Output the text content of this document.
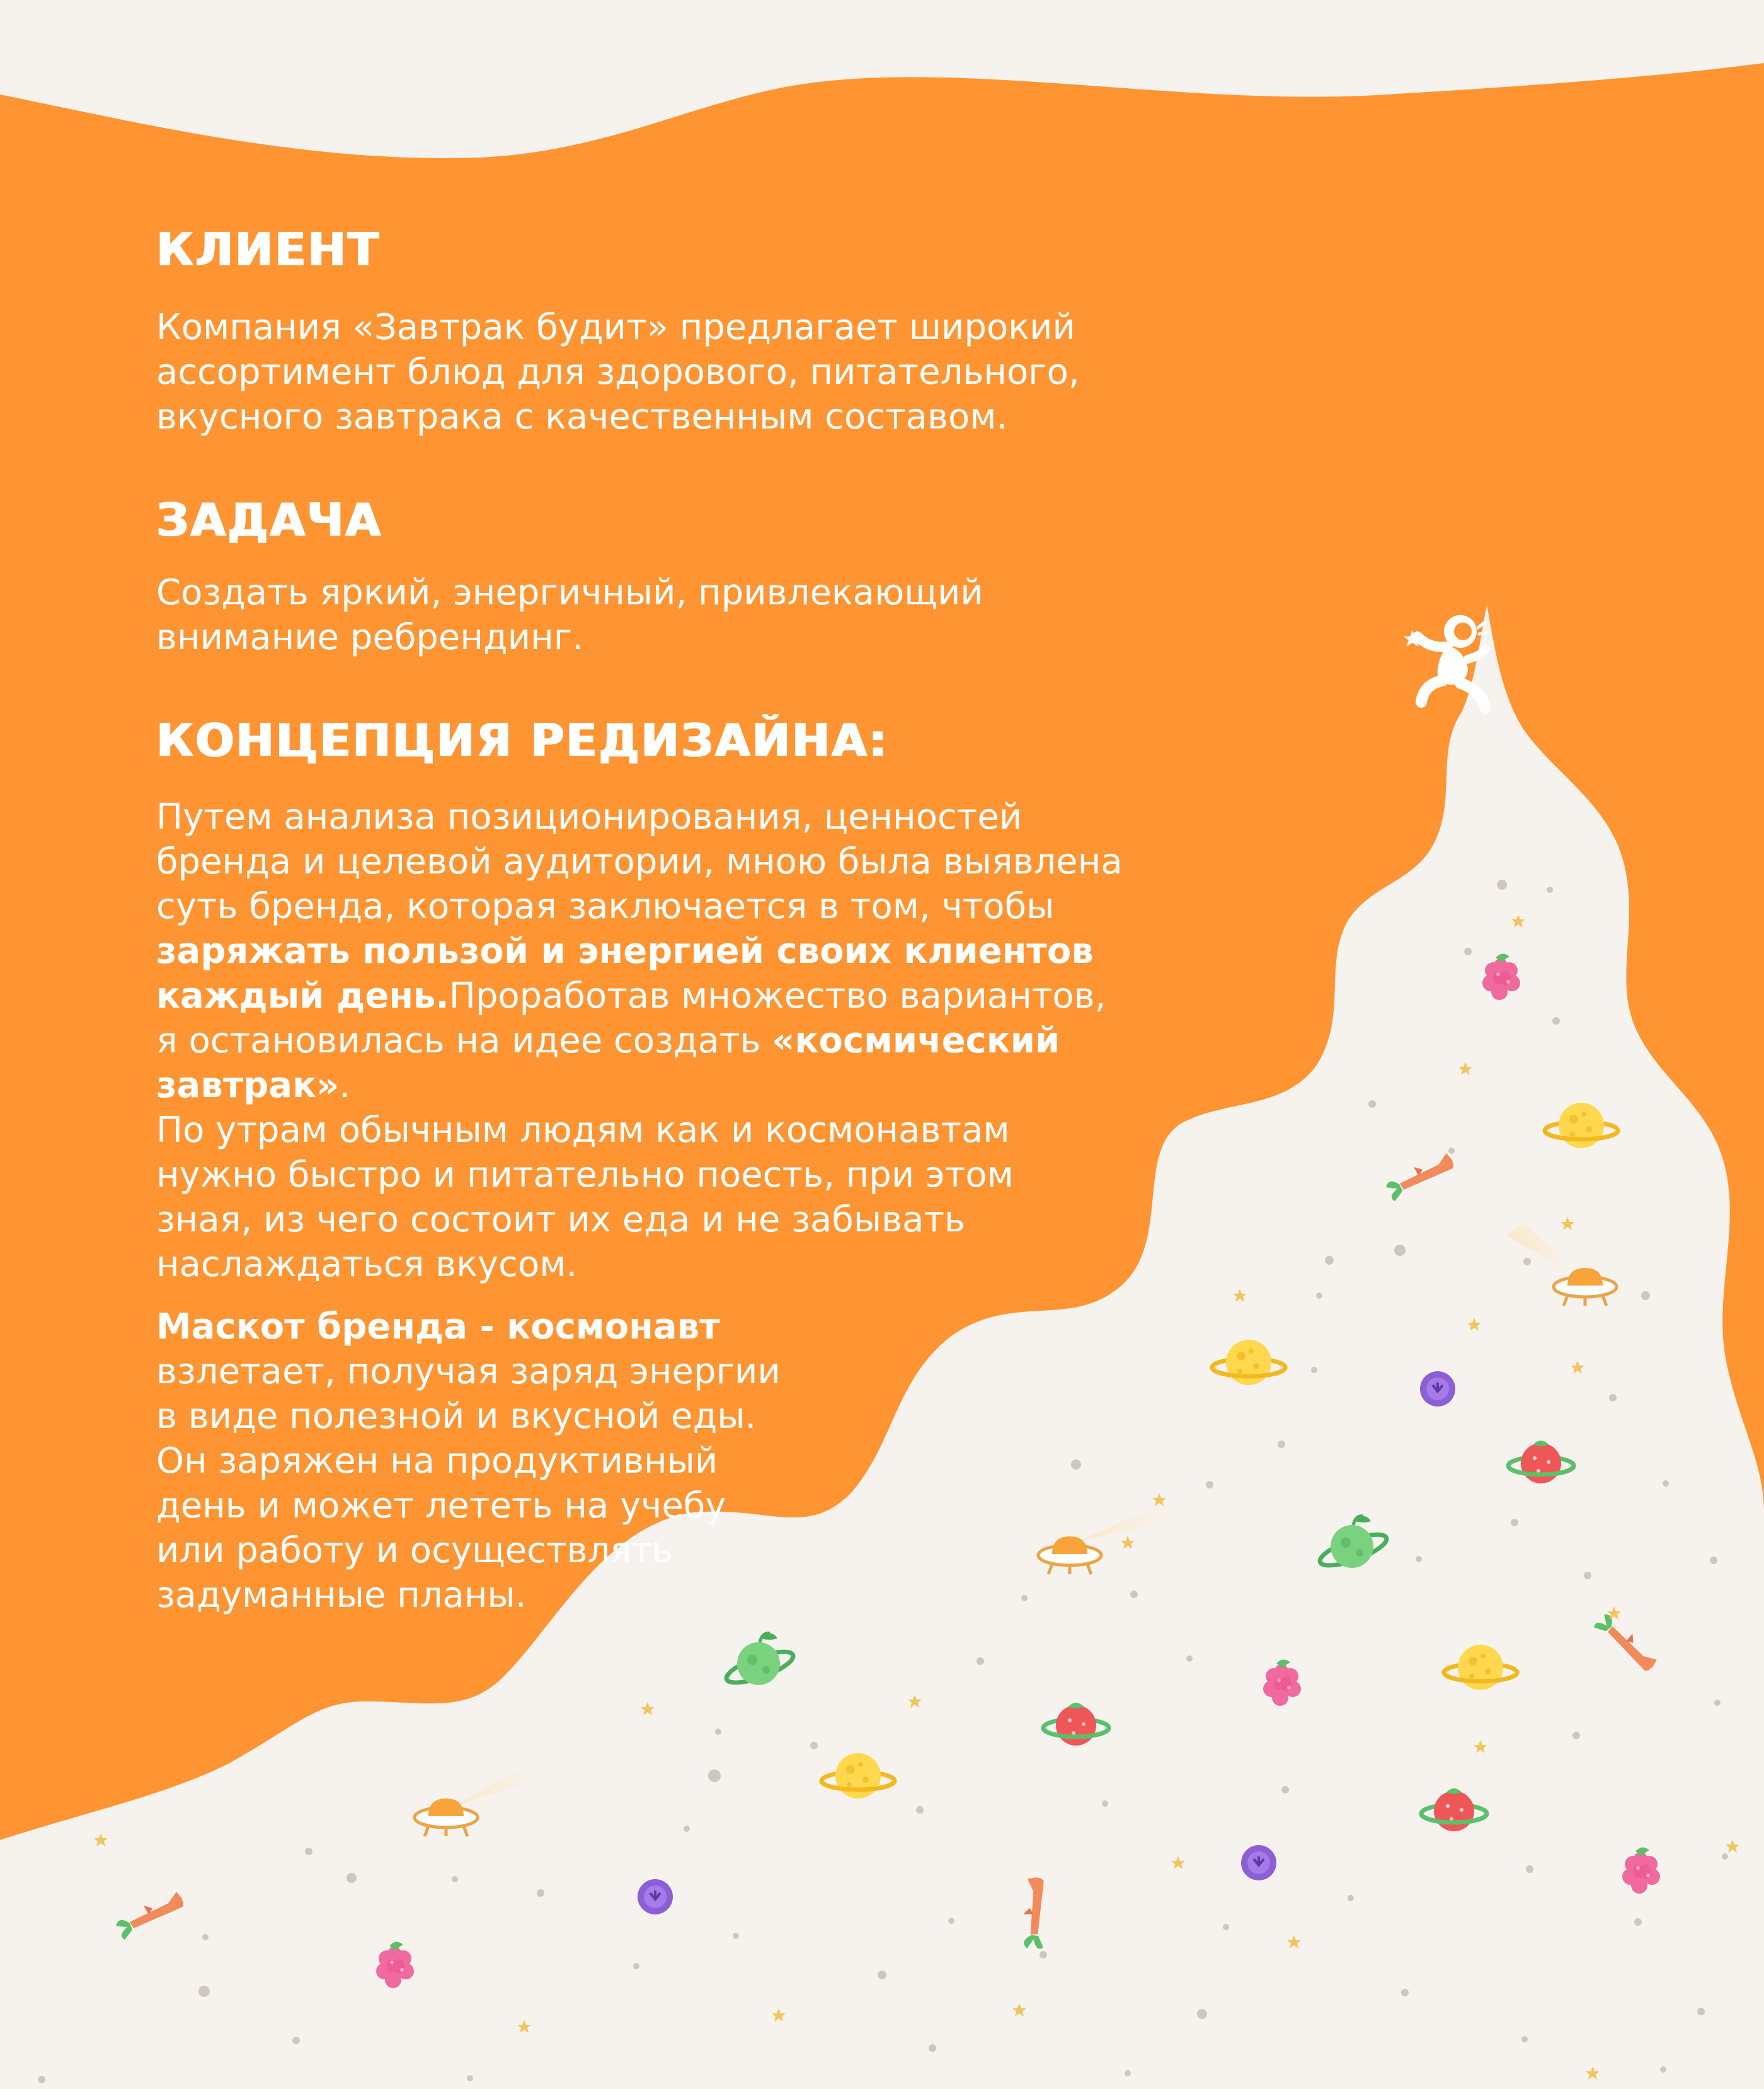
КЛИЕНТ

Компания «Завтрак будит» предлагает широкий
ассортимент блюд для здорового, питательного,
вкусного завтрака с качественным составом.

ЗАДАЧА

Создать яркий, энергичный, привлекающий
внимание ребрендинг.

КОНЦЕПЦИЯ РЕДИЗАЙНА:

Путем анализа позиционирования, ценностей
бренда и целевой аудитории, мною была выявлена
суть бренда, которая заключается в том, чтобы
заряжать пользой и энергией своих клиентов
каждый день.Проработав множество вариантов,
я остановилась на идее создать «космический
завтрак».
По утрам обычным людям как и космонавтам
нужно быстро и питательно поесть, при этом
зная, из чего состоит их еда и не забывать
наслаждаться вкусом.

Маскот бренда - космонавт
взлетает, получая заряд энергии
в виде полезной и вкусной еды.
Он заряжен на продуктивный
день и может лететь на учебу
или работу и осуществлять
задуманные планы.
